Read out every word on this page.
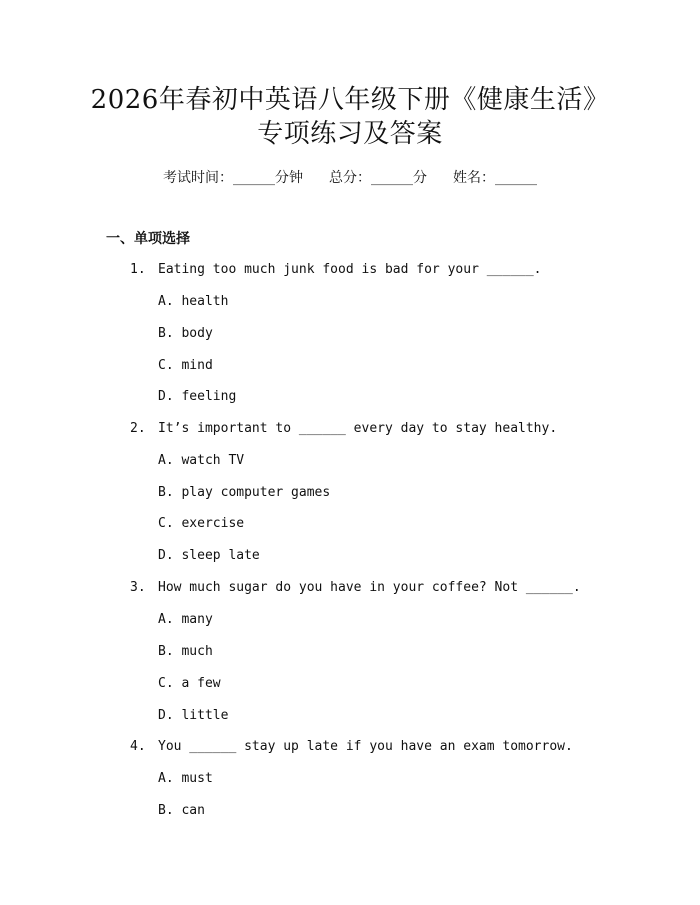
2026年春初中英语八年级下册《健康生活》
专项练习及答案
考试时间：______分钟 总分：______分 姓名：______
一、单项选择
1. Eating too much junk food is bad for your ______.
A. health
B. body
C. mind
D. feeling
2. It’s important to ______ every day to stay healthy.
A. watch TV
B. play computer games
C. exercise
D. sleep late
3. How much sugar do you have in your coffee? Not ______.
A. many
B. much
C. a few
D. little
4. You ______ stay up late if you have an exam tomorrow.
A. must
B. can
